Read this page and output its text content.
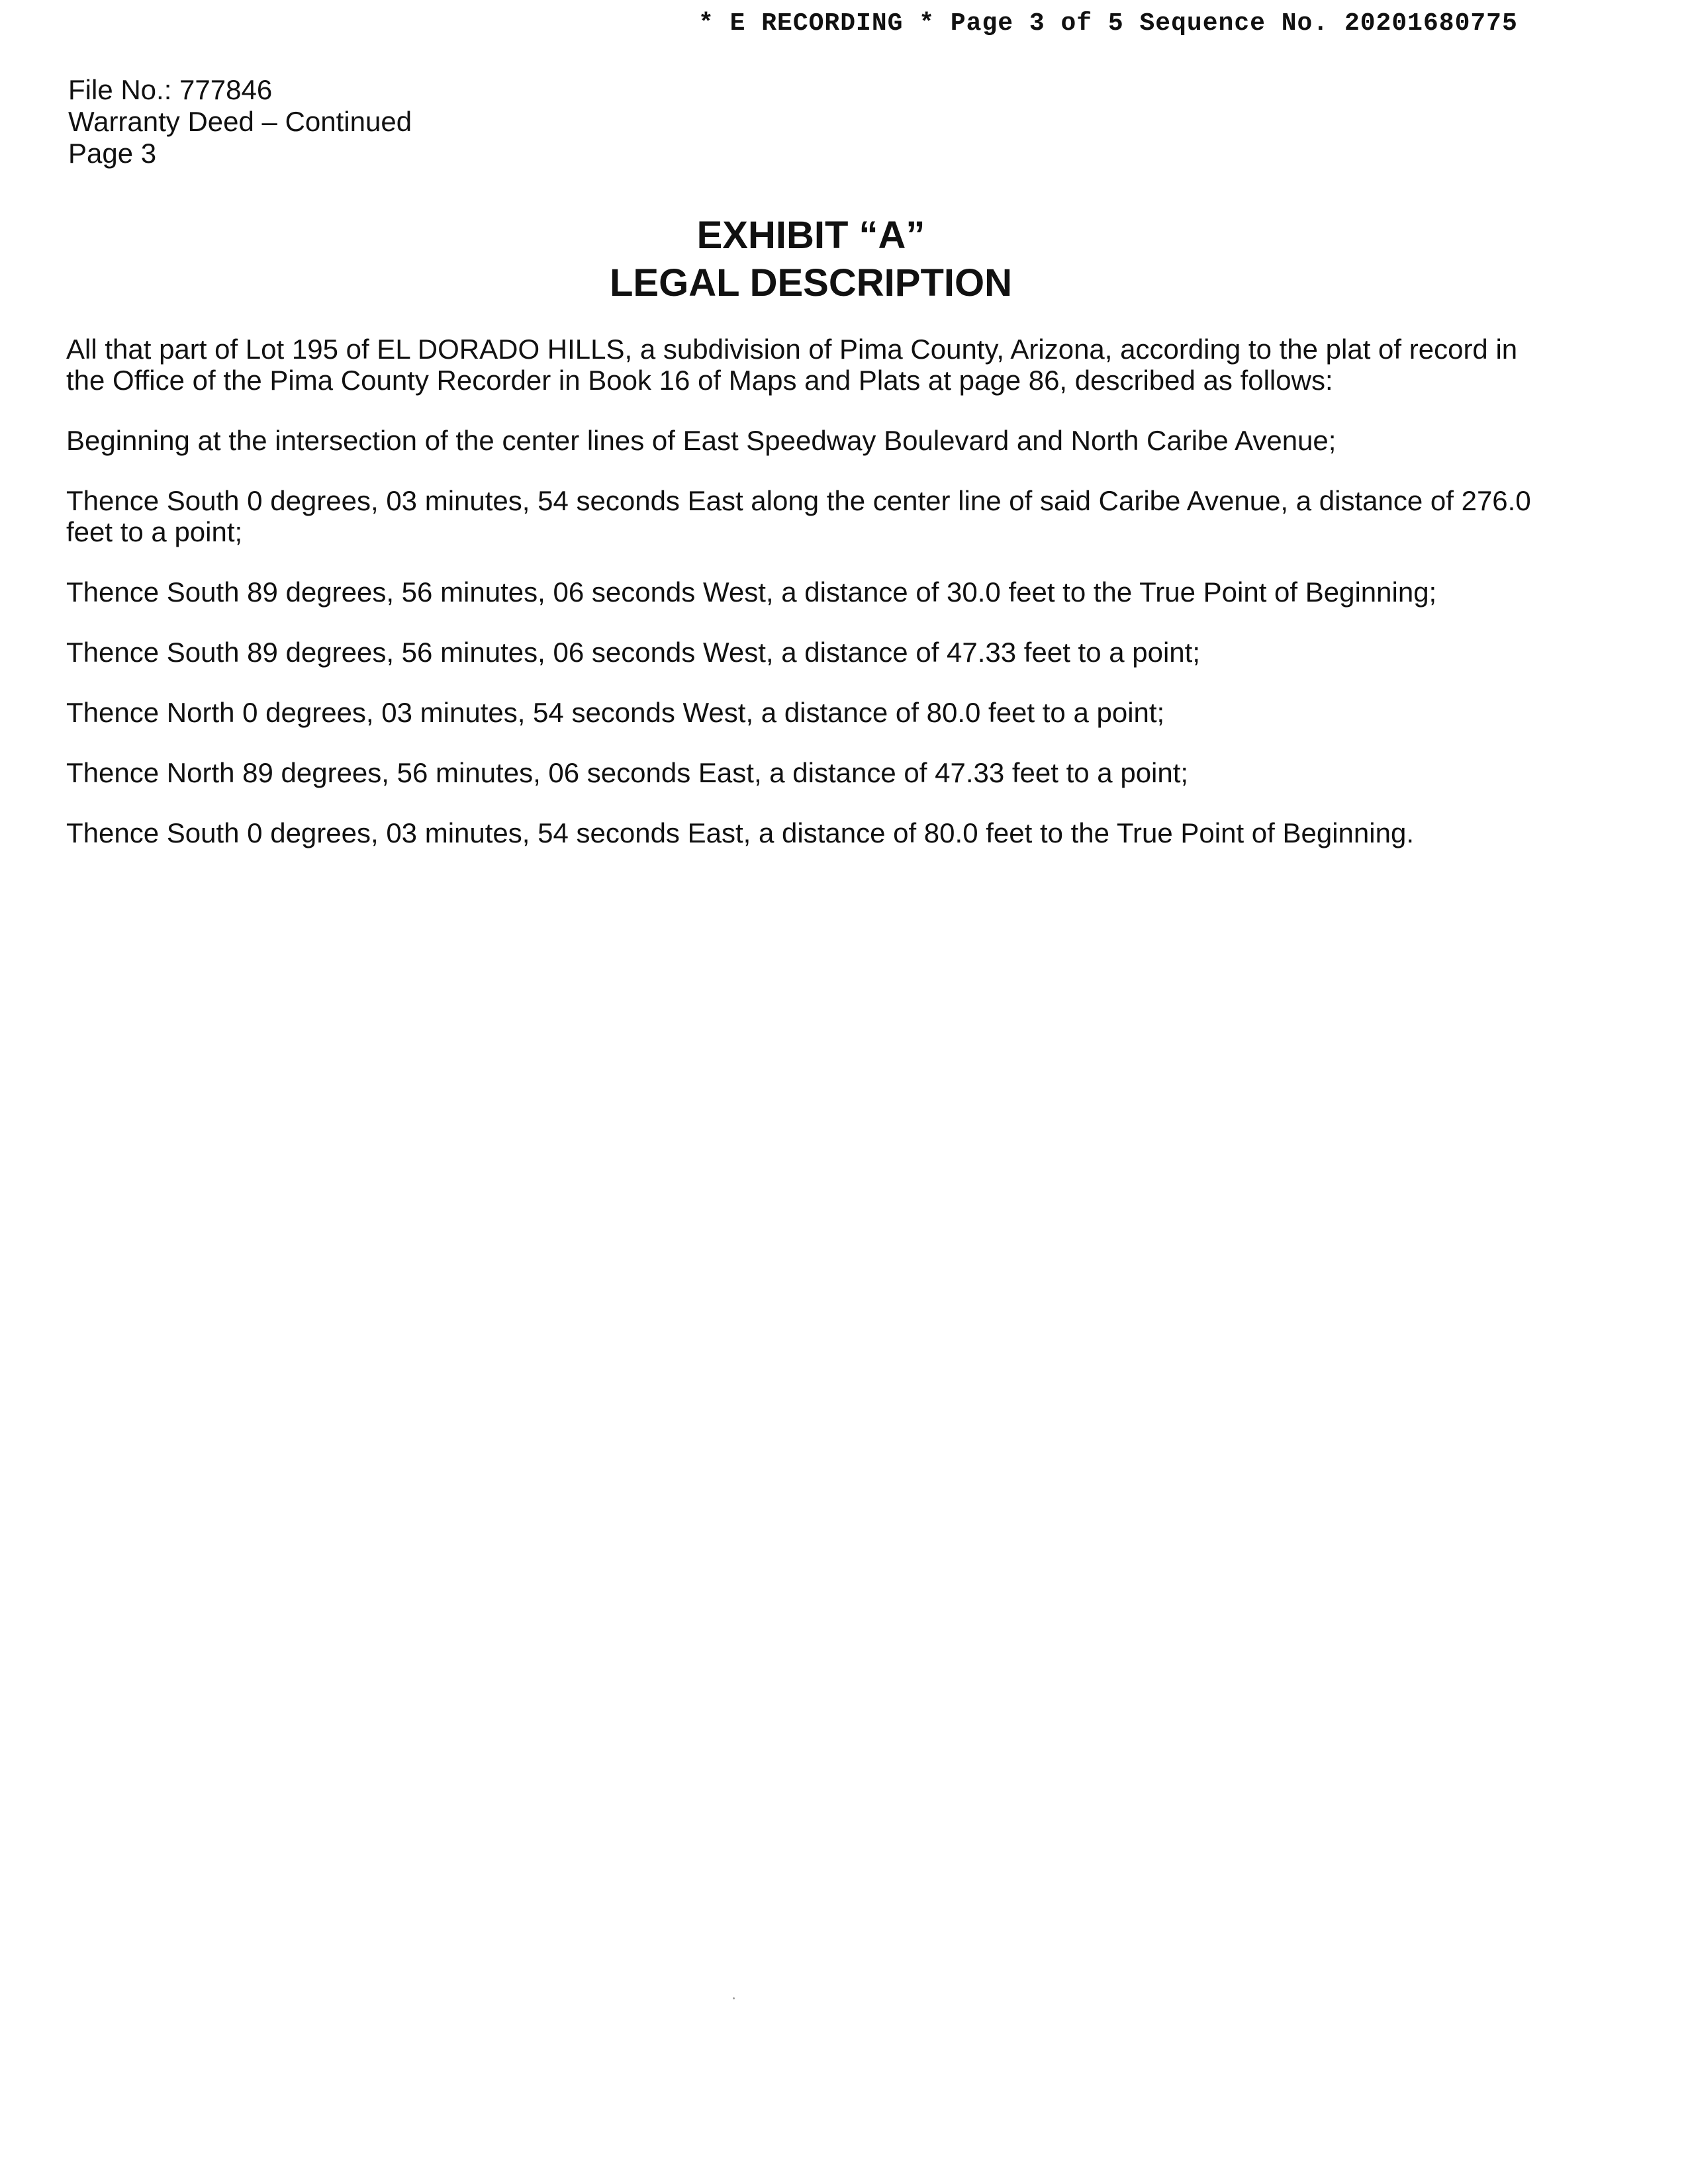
* E RECORDING * Page 3 of 5 Sequence No. 20201680775
File No.: 777846
Warranty Deed – Continued
Page 3
EXHIBIT “A”
LEGAL DESCRIPTION

All that part of Lot 195 of EL DORADO HILLS, a subdivision of Pima County, Arizona, according to the plat of record in the Office of the Pima County Recorder in Book 16 of Maps and Plats at page 86, described as follows:

Beginning at the intersection of the center lines of East Speedway Boulevard and North Caribe Avenue;

Thence South 0 degrees, 03 minutes, 54 seconds East along the center line of said Caribe Avenue, a distance of 276.0 feet to a point;

Thence South 89 degrees, 56 minutes, 06 seconds West, a distance of 30.0 feet to the True Point of Beginning;

Thence South 89 degrees, 56 minutes, 06 seconds West, a distance of 47.33 feet to a point;

Thence North 0 degrees, 03 minutes, 54 seconds West, a distance of 80.0 feet to a point;

Thence North 89 degrees, 56 minutes, 06 seconds East, a distance of 47.33 feet to a point;

Thence South 0 degrees, 03 minutes, 54 seconds East, a distance of 80.0 feet to the True Point of Beginning.
